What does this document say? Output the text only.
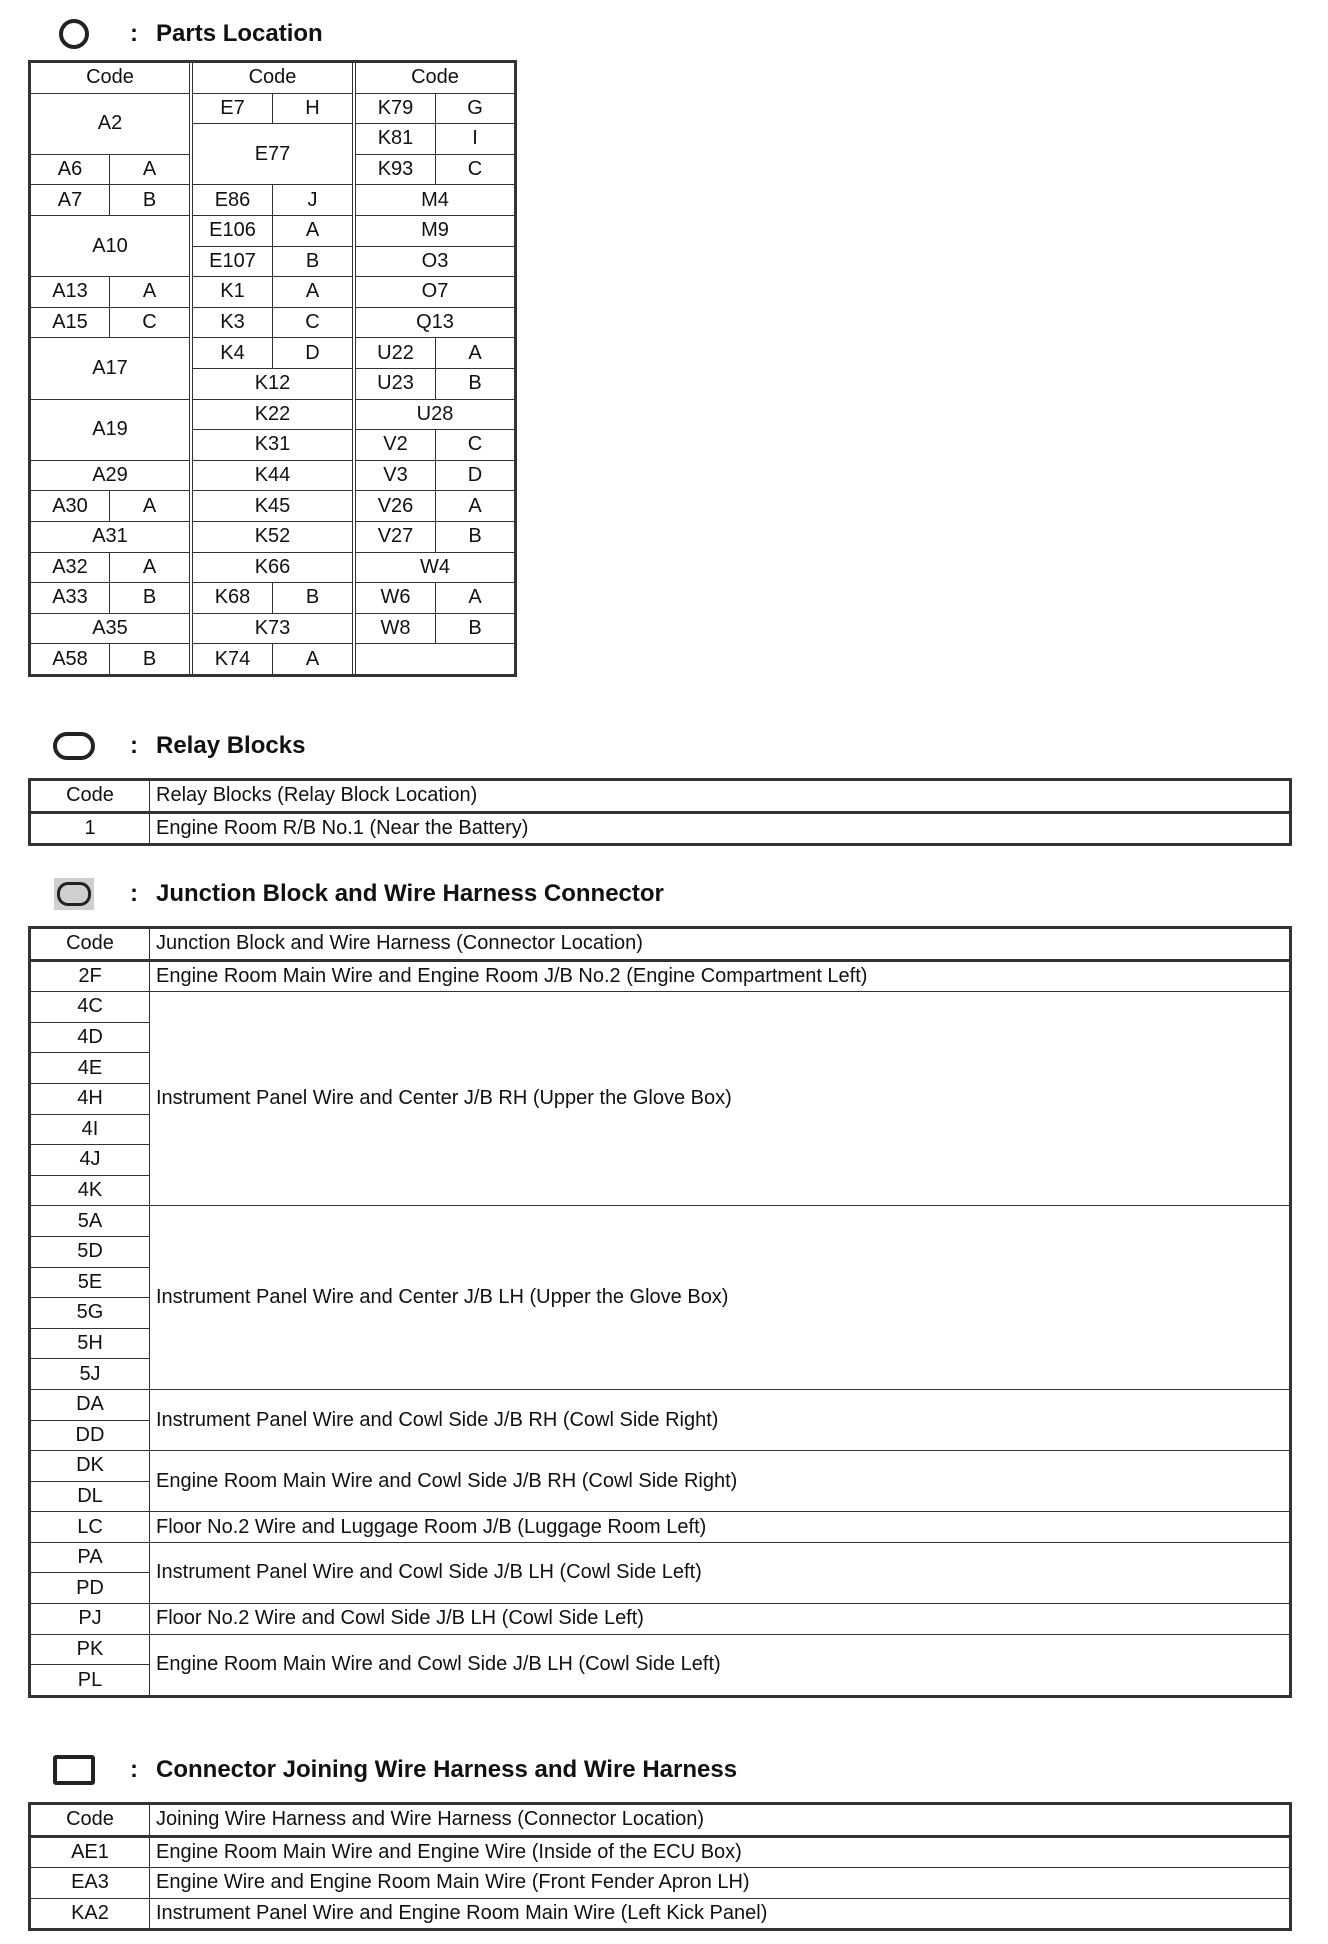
: Parts Location
Code			Code			Code	
A2			E7	H		K79	G
			E77			K81	I
A6	A					K93	C
A7	B		E86	J		M4	
A10			E106	A		M9	
			E107	B		O3	
A13	A		K1	A		O7	
A15	C		K3	C		Q13	
A17			K4	D		U22	A
			K12			U23	B
A19			K22			U28	
			K31			V2	C
A29			K44			V3	D
A30	A		K45			V26	A
A31			K52			V27	B
A32	A		K66			W4	
A33	B		K68	B		W6	A
A35			K73			W8	B
A58	B		K74	A			
: Relay Blocks
Code	Relay Blocks (Relay Block Location)
1	Engine Room R/B No.1 (Near the Battery)
: Junction Block and Wire Harness Connector
Code	Junction Block and Wire Harness (Connector Location)
2F	Engine Room Main Wire and Engine Room J/B No.2 (Engine Compartment Left)
4C	Instrument Panel Wire and Center J/B RH (Upper the Glove Box)
4D	
4E	
4H	
4I	
4J	
4K	
5A	Instrument Panel Wire and Center J/B LH (Upper the Glove Box)
5D	
5E	
5G	
5H	
5J	
DA	Instrument Panel Wire and Cowl Side J/B RH (Cowl Side Right)
DD	
DK	Engine Room Main Wire and Cowl Side J/B RH (Cowl Side Right)
DL	
LC	Floor No.2 Wire and Luggage Room J/B (Luggage Room Left)
PA	Instrument Panel Wire and Cowl Side J/B LH (Cowl Side Left)
PD	
PJ	Floor No.2 Wire and Cowl Side J/B LH (Cowl Side Left)
PK	Engine Room Main Wire and Cowl Side J/B LH (Cowl Side Left)
PL	
: Connector Joining Wire Harness and Wire Harness
Code	Joining Wire Harness and Wire Harness (Connector Location)
AE1	Engine Room Main Wire and Engine Wire (Inside of the ECU Box)
EA3	Engine Wire and Engine Room Main Wire (Front Fender Apron LH)
KA2	Instrument Panel Wire and Engine Room Main Wire (Left Kick Panel)
